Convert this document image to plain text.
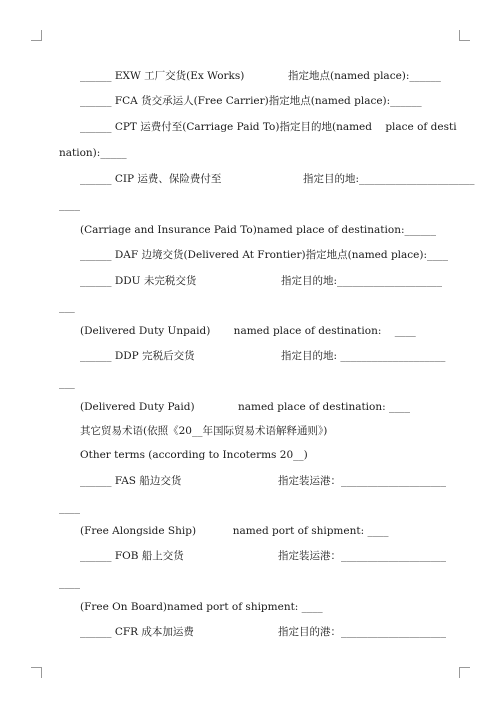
______ EXW 工厂交货(Ex Works)	指定地点(named place):______
______ FCA 货交承运人(Free Carrier)指定地点(named place):______
______ CPT 运费付至(Carriage Paid To)指定目的地(named    place of desti
nation):_____
______ CIP 运费、保险费付至	指定目的地:______________________
____
(Carriage and Insurance Paid To)named place of destination:______
______ DAF 边境交货(Delivered At Frontier)指定地点(named place):____
______ DDU 未完税交货	指定目的地:____________________
___
(Delivered Duty Unpaid)       named place of destination:    ____
______ DDP 完税后交货	指定目的地: ____________________
___
(Delivered Duty Paid)             named place of destination: ____
其它贸易术语(依照《20__年国际贸易术语解释通则》)
Other terms (according to Incoterms 20__)
______ FAS 船边交货	指定装运港：____________________
____
(Free Alongside Ship)           named port of shipment: ____
______ FOB 船上交货	指定装运港：____________________
____
(Free On Board)named port of shipment: ____
______ CFR 成本加运费	指定目的港：____________________
